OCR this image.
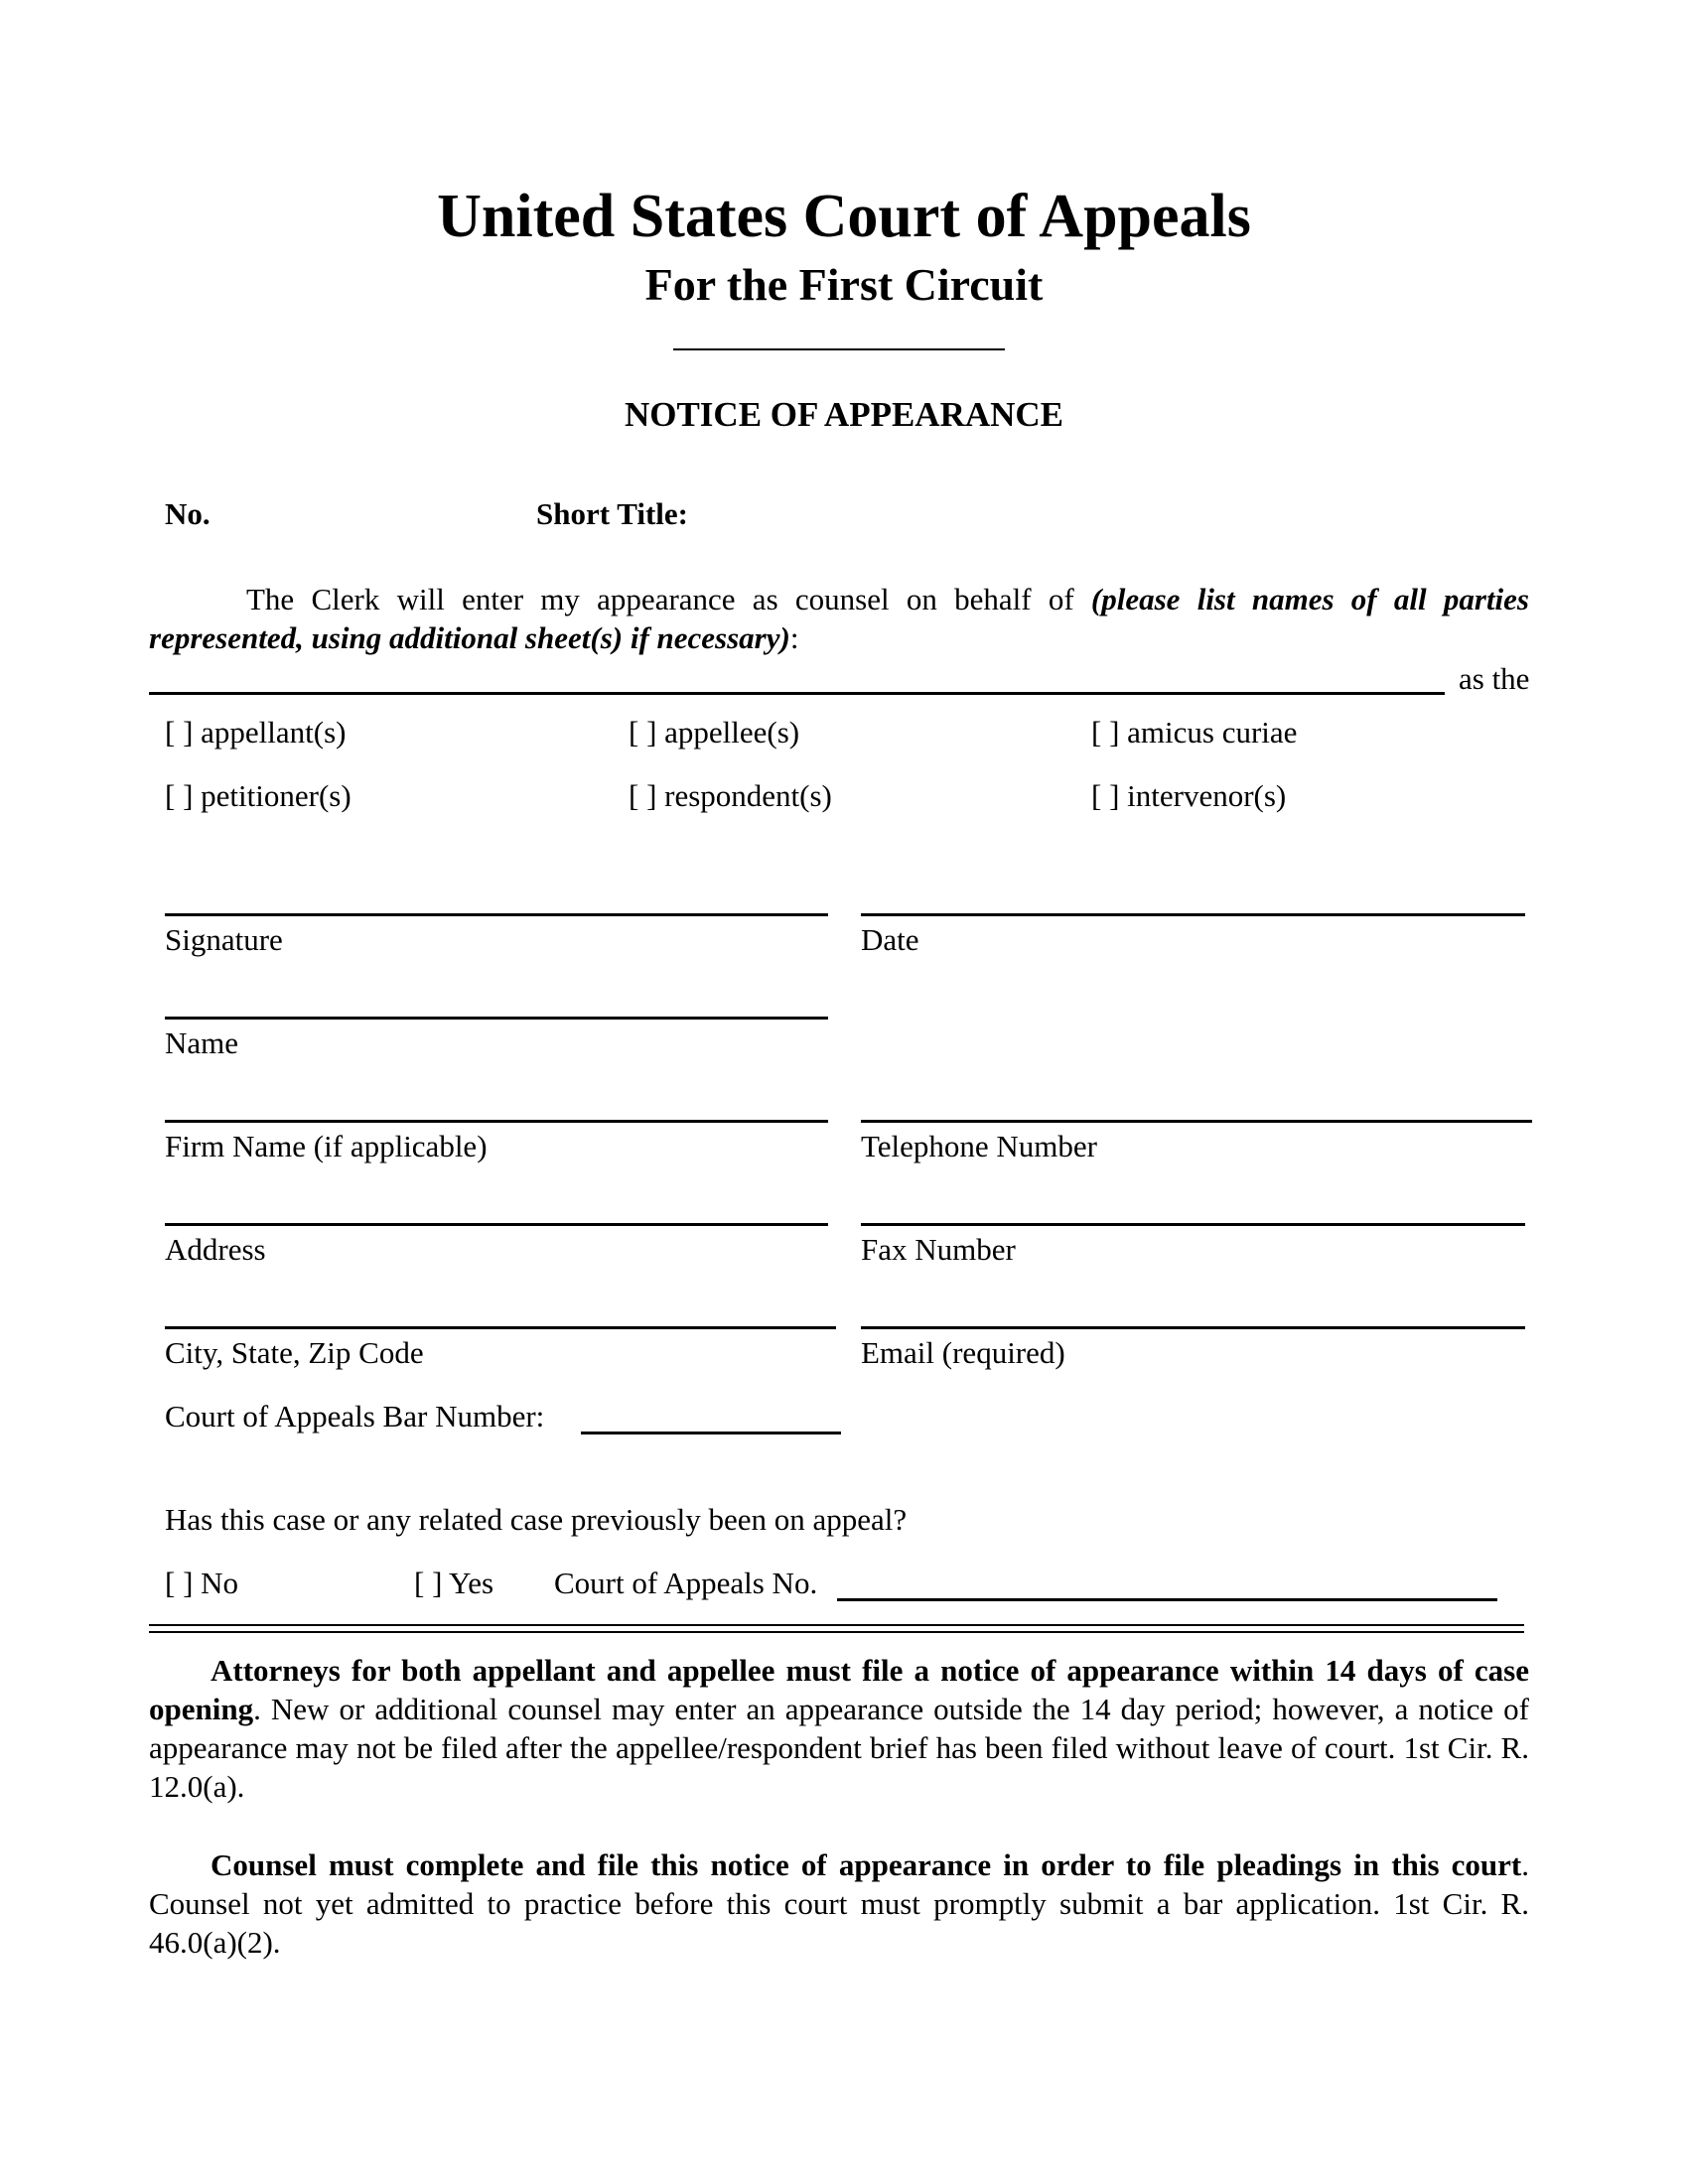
United States Court of Appeals
For the First Circuit
NOTICE OF APPEARANCE
No.	Short Title:
The Clerk will enter my appearance as counsel on behalf of (please list names of all parties represented, using additional sheet(s) if necessary):
as the
[ ] appellant(s)	[ ] appellee(s)	[ ] amicus curiae
[ ] petitioner(s)	[ ] respondent(s)	[ ] intervenor(s)
Signature	Date
Name
Firm Name (if applicable)	Telephone Number
Address	Fax Number
City, State, Zip Code	Email (required)
Court of Appeals Bar Number:
Has this case or any related case previously been on appeal?
[ ] No	[ ] Yes Court of Appeals No.
Attorneys for both appellant and appellee must file a notice of appearance within 14 days of case opening. New or additional counsel may enter an appearance outside the 14 day period; however, a notice of appearance may not be filed after the appellee/respondent brief has been filed without leave of court. 1st Cir. R. 12.0(a).
Counsel must complete and file this notice of appearance in order to file pleadings in this court. Counsel not yet admitted to practice before this court must promptly submit a bar application. 1st Cir. R. 46.0(a)(2).
